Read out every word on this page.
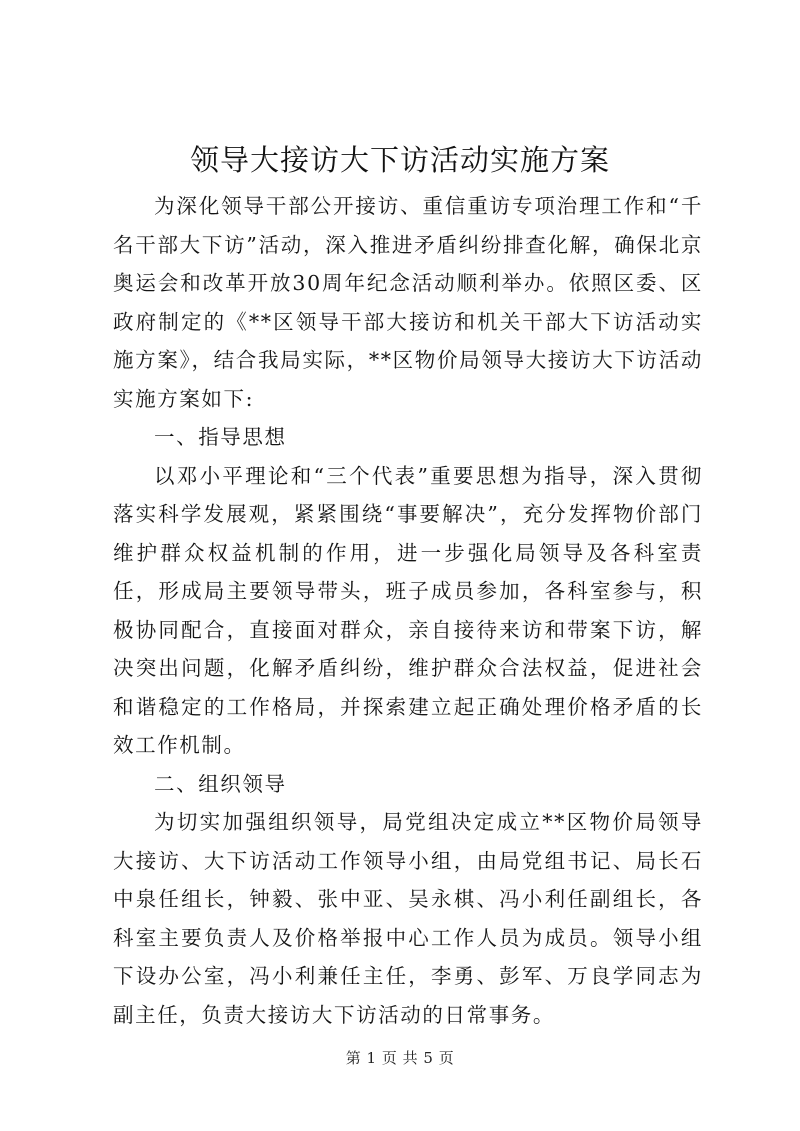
领导大接访大下访活动实施方案

为深化领导干部公开接访、重信重访专项治理工作和“千名干部大下访”活动，深入推进矛盾纠纷排查化解，确保北京奥运会和改革开放30周年纪念活动顺利举办。依照区委、区政府制定的《**区领导干部大接访和机关干部大下访活动实施方案》，结合我局实际，**区物价局领导大接访大下访活动实施方案如下:

一、指导思想

以邓小平理论和“三个代表”重要思想为指导，深入贯彻落实科学发展观，紧紧围绕“事要解决”，充分发挥物价部门维护群众权益机制的作用，进一步强化局领导及各科室责任，形成局主要领导带头，班子成员参加，各科室参与，积极协同配合，直接面对群众，亲自接待来访和带案下访，解决突出问题，化解矛盾纠纷，维护群众合法权益，促进社会和谐稳定的工作格局，并探索建立起正确处理价格矛盾的长效工作机制。

二、组织领导

为切实加强组织领导，局党组决定成立**区物价局领导大接访、大下访活动工作领导小组，由局党组书记、局长石中泉任组长，钟毅、张中亚、吴永棋、冯小利任副组长，各科室主要负责人及价格举报中心工作人员为成员。领导小组下设办公室，冯小利兼任主任，李勇、彭军、万良学同志为副主任，负责大接访大下访活动的日常事务。

第 1 页 共 5 页
